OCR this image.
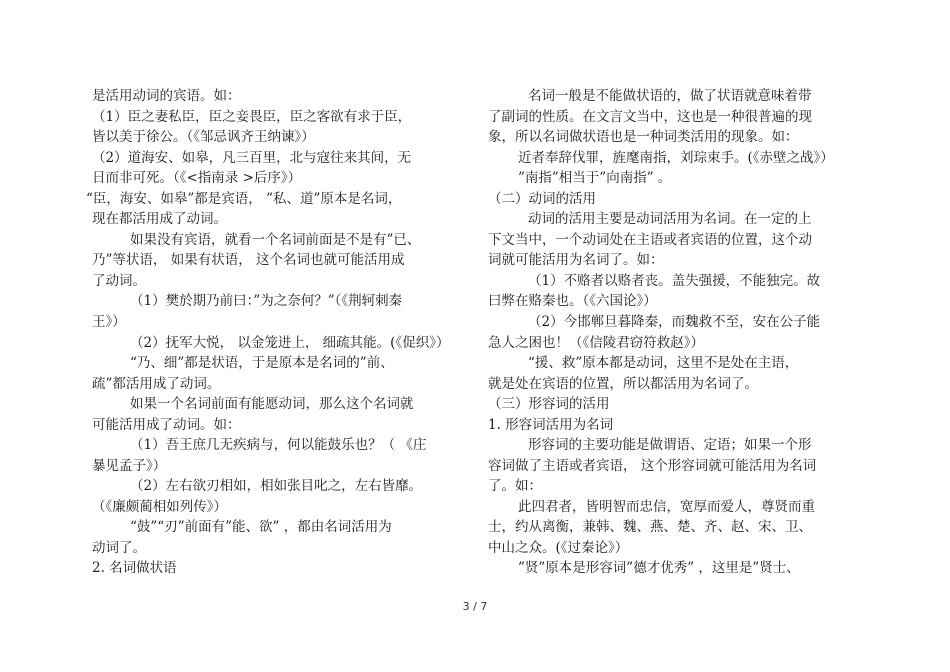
是活用动词的宾语。如：
（1）臣之妻私臣，臣之妾畏臣，臣之客欲有求于臣，
皆以美于徐公。（《邹忌讽齐王纳谏》）
（2）道海安、如皋，凡三百里，北与寇往来其间，无
日而非可死。（《<指南录 >后序》）
“臣，海安、如皋”都是宾语， ”私、道”原本是名词，
现在都活用成了动词。
如果没有宾语，就看一个名词前面是不是有”已、
乃”等状语， 如果有状语， 这个名词也就可能活用成
了动词。
（1）樊於期乃前曰：”为之奈何？”（《荆轲刺秦
王》）
（2）抚军大悦， 以金笼进上， 细疏其能。(《促织》）
“乃、细”都是状语，于是原本是名词的”前、
疏”都活用成了动词。
如果一个名词前面有能愿动词，那么这个名词就
可能活用成了动词。如：
（1）吾王庶几无疾病与，何以能鼓乐也？（ 《庄
暴见孟子》）
（2）左右欲刃相如，相如张目叱之，左右皆靡。
（《廉颇蔺相如列传》）
“鼓”“刃”前面有”能、欲” ，都由名词活用为
动词了。
2. 名词做状语
名词一般是不能做状语的，做了状语就意味着带
了副词的性质。在文言文当中，这也是一种很普遍的现
象，所以名词做状语也是一种词类活用的现象。如：
近者奉辞伐罪，旌麾南指，刘琮束手。(《赤壁之战》）
”南指”相当于”向南指” 。
（二）动词的活用
动词的活用主要是动词活用为名词。在一定的上
下文当中，一个动词处在主语或者宾语的位置，这个动
词就可能活用为名词了。如：
（1）不赂者以赂者丧。盖失强援，不能独完。故
曰弊在赂秦也。（《六国论》）
（2）今邯郸旦暮降秦，而魏救不至，安在公子能
急人之困也！（《信陵君窃符救赵》）
“援、救”原本都是动词，这里不是处在主语，
就是处在宾语的位置，所以都活用为名词了。
（三）形容词的活用
1. 形容词活用为名词
形容词的主要功能是做谓语、定语；如果一个形
容词做了主语或者宾语， 这个形容词就可能活用为名词
了。如：
此四君者，皆明智而忠信，宽厚而爱人，尊贤而重
士，约从离衡，兼韩、魏、燕、楚、齐、赵、宋、卫、
中山之众。(《过秦论》）
”贤”原本是形容词”德才优秀” ，这里是”贤士、
3 / 7
